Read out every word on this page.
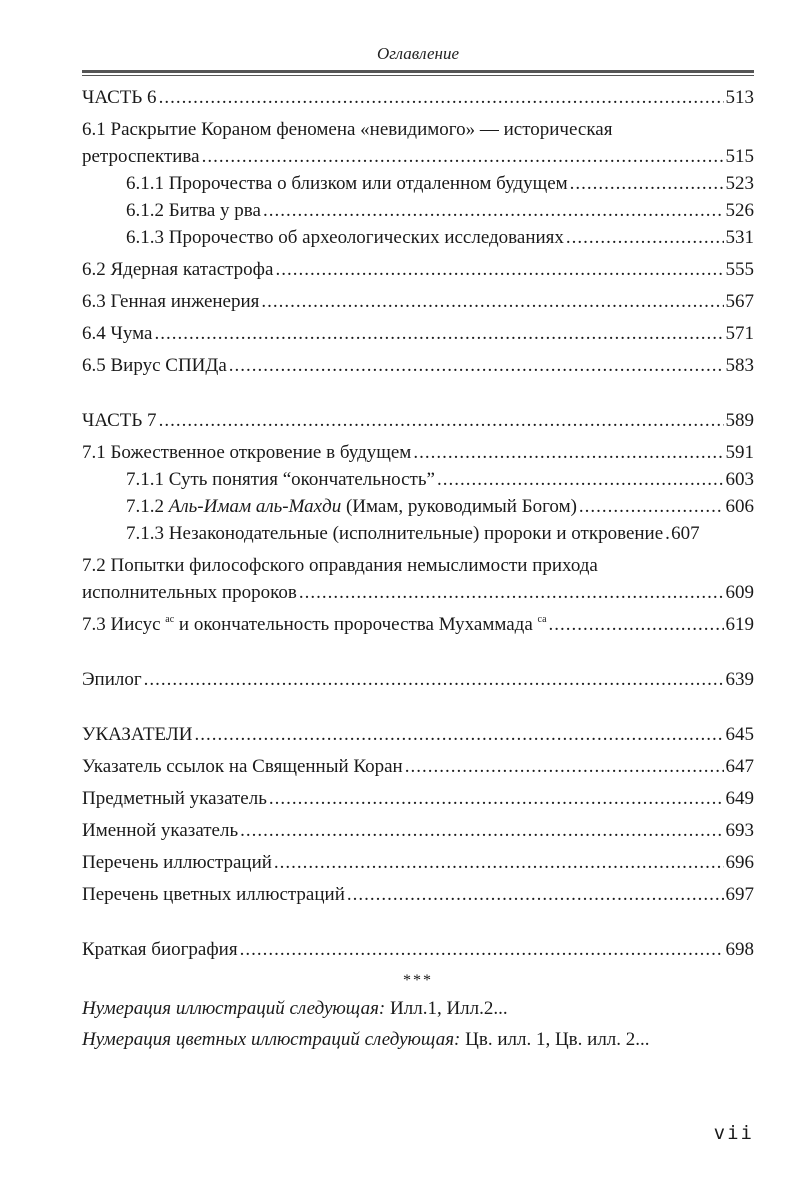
Оглавление
ЧАСТЬ 6 .....	513
6.1 Раскрытие Кораном феномена «невидимого» — историческая
ретроспектива .....	515
6.1.1 Пророчества о близком или отдаленном будущем .....	523
6.1.2 Битва у рва .....	526
6.1.3 Пророчество об археологических исследованиях .....	531
6.2 Ядерная катастрофа .....	555
6.3 Генная инженерия .....	567
6.4 Чума .....	571
6.5 Вирус СПИДа .....	583
ЧАСТЬ 7 .....	589
7.1 Божественное откровение в будущем .....	591
7.1.1 Суть понятия “окончательность” .....	603
7.1.2 Аль-Имам аль-Махди (Имам, руководимый Богом) .....	606
7.1.3 Незаконодательные (исполнительные) пророки и откровение ..... 607
7.2 Попытки философского оправдания немыслимости прихода
исполнительных пророков .....	609
7.3 Иисус $^{ас}$ и окончательность пророчества Мухаммада $^{са}$ .....	619
Эпилог .....	639
УКАЗАТЕЛИ .....	645
Указатель ссылок на Священный Коран .....	647
Предметный указатель .....	649
Именной указатель .....	693
Перечень иллюстраций .....	696
Перечень цветных иллюстраций .....	697
Краткая биография .....	698
***
Нумерация иллюстраций следующая: Илл.1, Илл.2...
Нумерация цветных иллюстраций следующая: Цв. илл. 1, Цв. илл. 2...
vii
